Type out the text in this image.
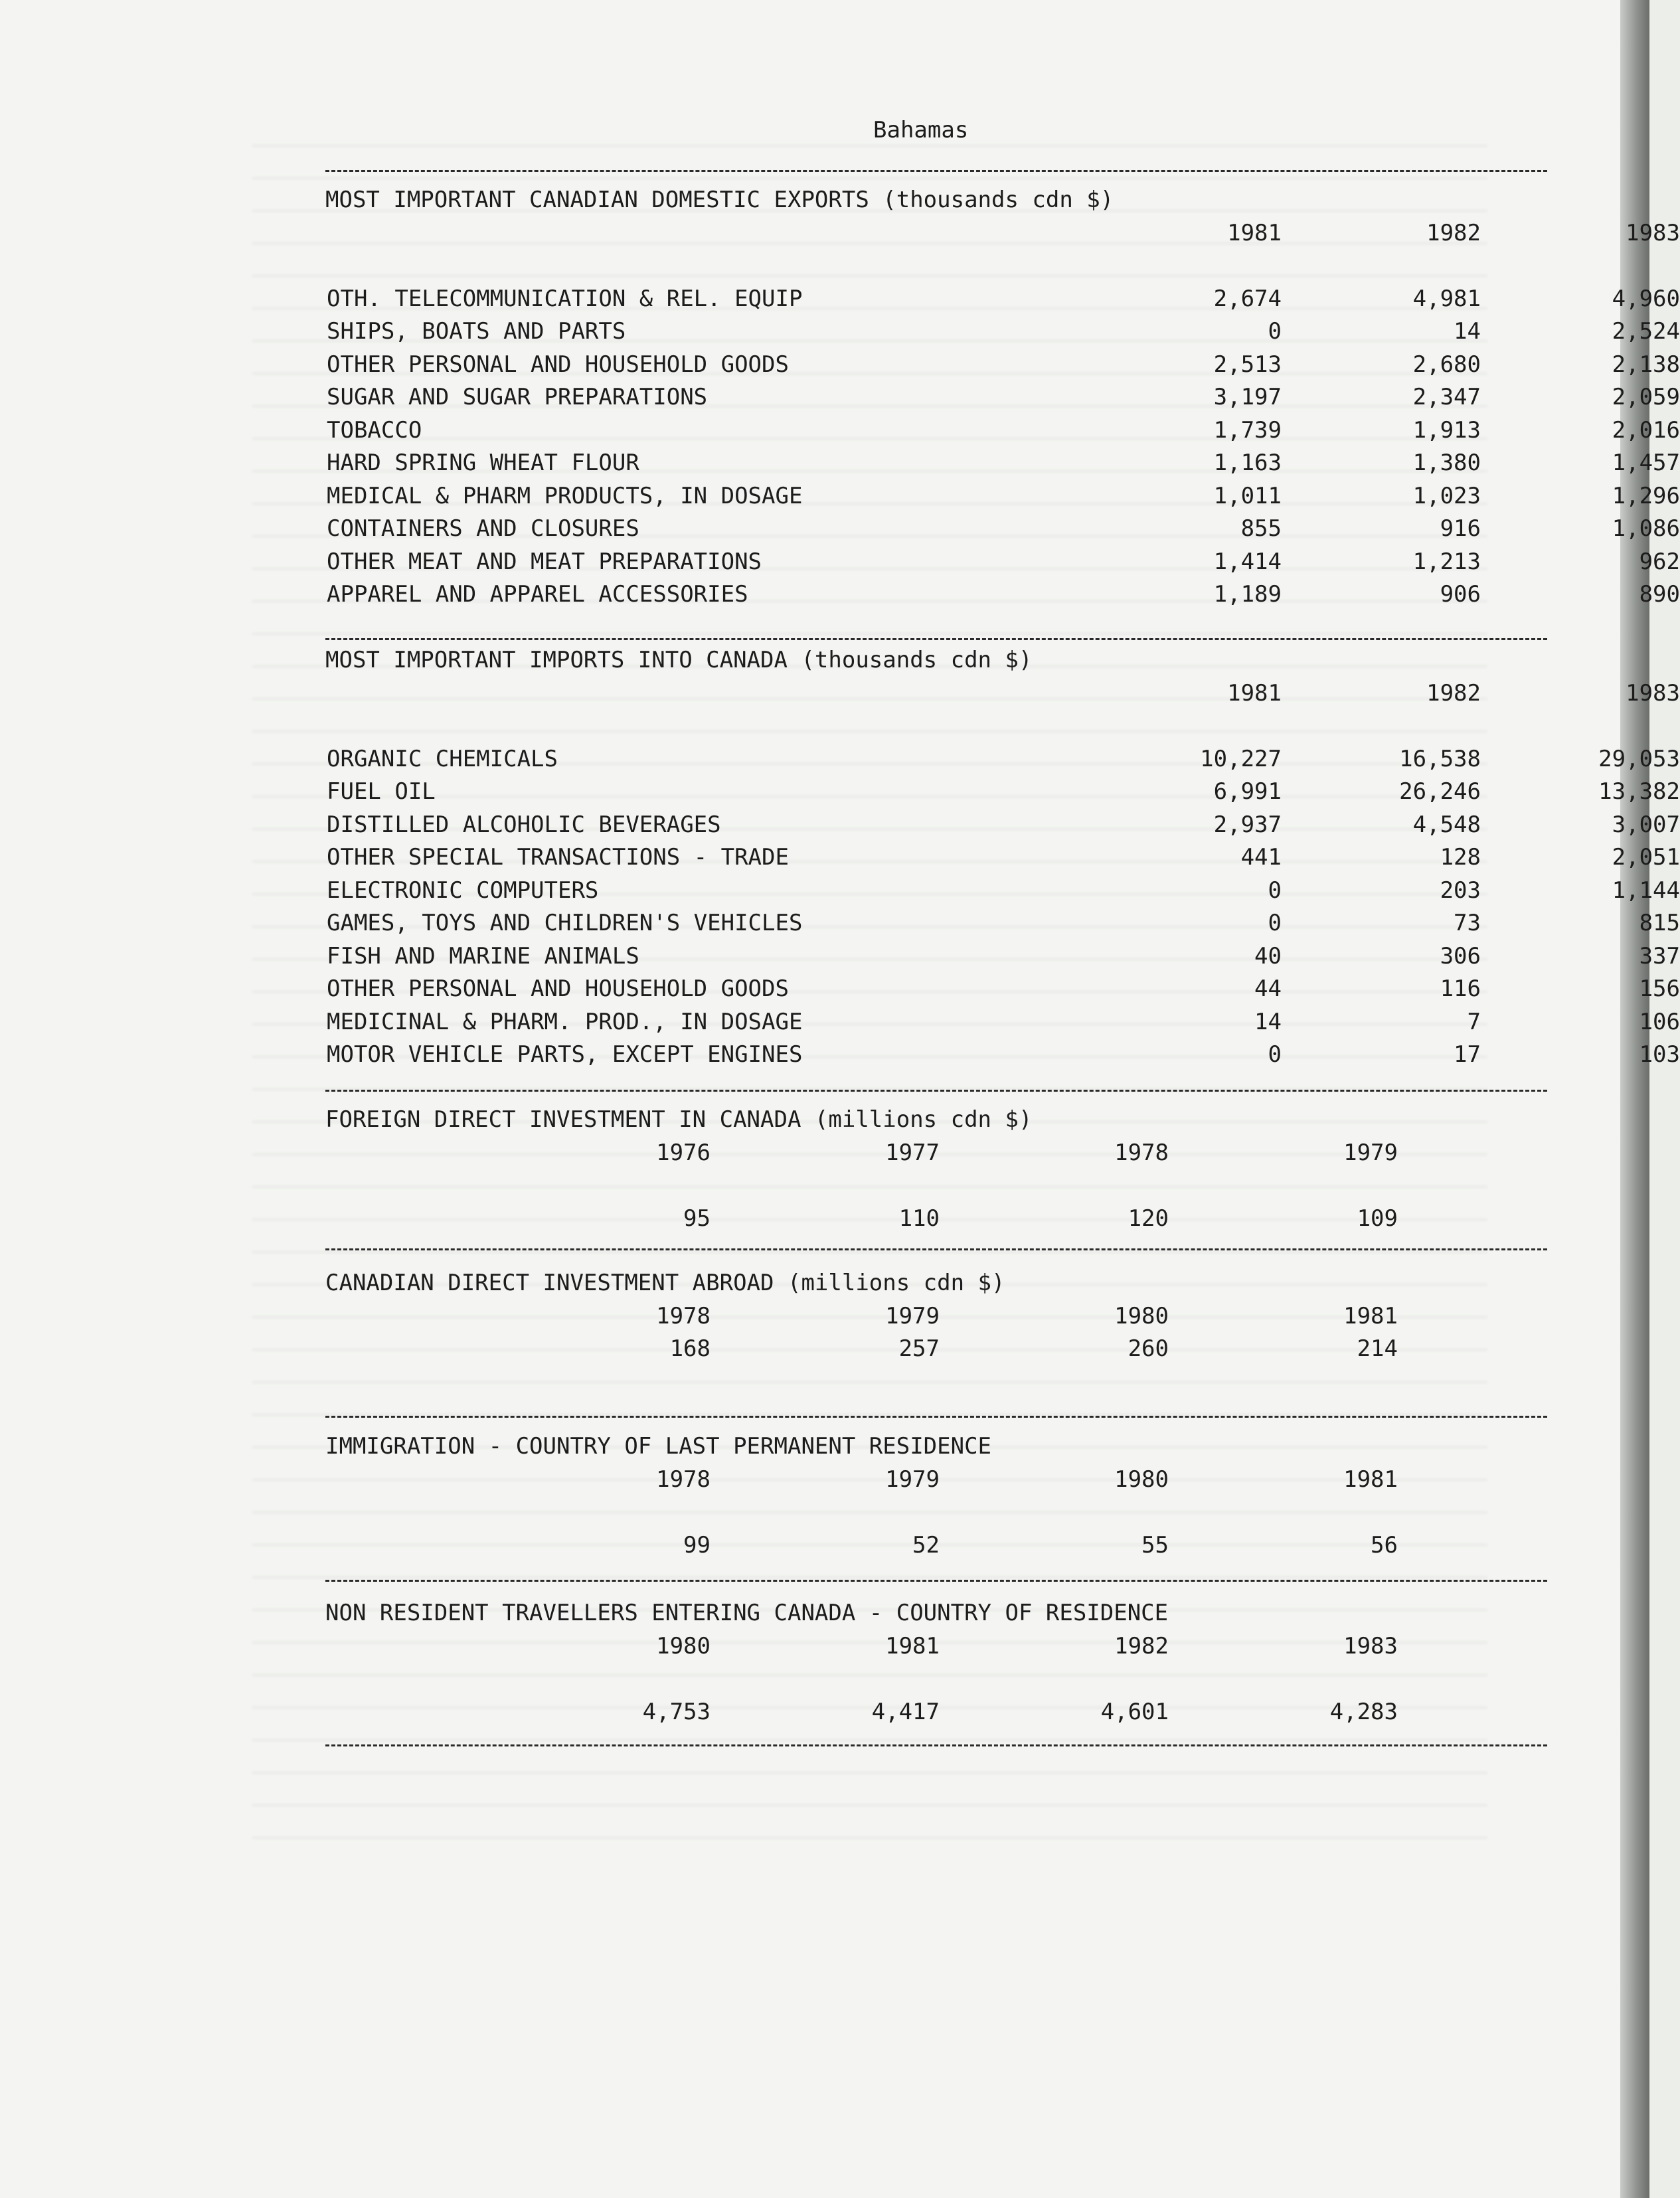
Bahamas
MOST IMPORTANT CANADIAN DOMESTIC EXPORTS (thousands cdn $)
1981	1982	1983
OTH. TELECOMMUNICATION & REL. EQUIP	2,674	4,981	4,960
SHIPS, BOATS AND PARTS	0	14	2,524
OTHER PERSONAL AND HOUSEHOLD GOODS	2,513	2,680	2,138
SUGAR AND SUGAR PREPARATIONS	3,197	2,347	2,059
TOBACCO	1,739	1,913	2,016
HARD SPRING WHEAT FLOUR	1,163	1,380	1,457
MEDICAL & PHARM PRODUCTS, IN DOSAGE	1,011	1,023	1,296
CONTAINERS AND CLOSURES	855	916	1,086
OTHER MEAT AND MEAT PREPARATIONS	1,414	1,213	962
APPAREL AND APPAREL ACCESSORIES	1,189	906	890
MOST IMPORTANT IMPORTS INTO CANADA (thousands cdn $)
1981	1982	1983
ORGANIC CHEMICALS	10,227	16,538	29,053
FUEL OIL	6,991	26,246	13,382
DISTILLED ALCOHOLIC BEVERAGES	2,937	4,548	3,007
OTHER SPECIAL TRANSACTIONS - TRADE	441	128	2,051
ELECTRONIC COMPUTERS	0	203	1,144
GAMES, TOYS AND CHILDREN'S VEHICLES	0	73	815
FISH AND MARINE ANIMALS	40	306	337
OTHER PERSONAL AND HOUSEHOLD GOODS	44	116	156
MEDICINAL & PHARM. PROD., IN DOSAGE	14	7	106
MOTOR VEHICLE PARTS, EXCEPT ENGINES	0	17	103
FOREIGN DIRECT INVESTMENT IN CANADA (millions cdn $)
1976	1977	1978	1979
95	110	120	109
CANADIAN DIRECT INVESTMENT ABROAD (millions cdn $)
1978	1979	1980	1981
168	257	260	214
IMMIGRATION - COUNTRY OF LAST PERMANENT RESIDENCE
1978	1979	1980	1981
99	52	55	56
NON RESIDENT TRAVELLERS ENTERING CANADA - COUNTRY OF RESIDENCE
1980	1981	1982	1983
4,753	4,417	4,601	4,283
